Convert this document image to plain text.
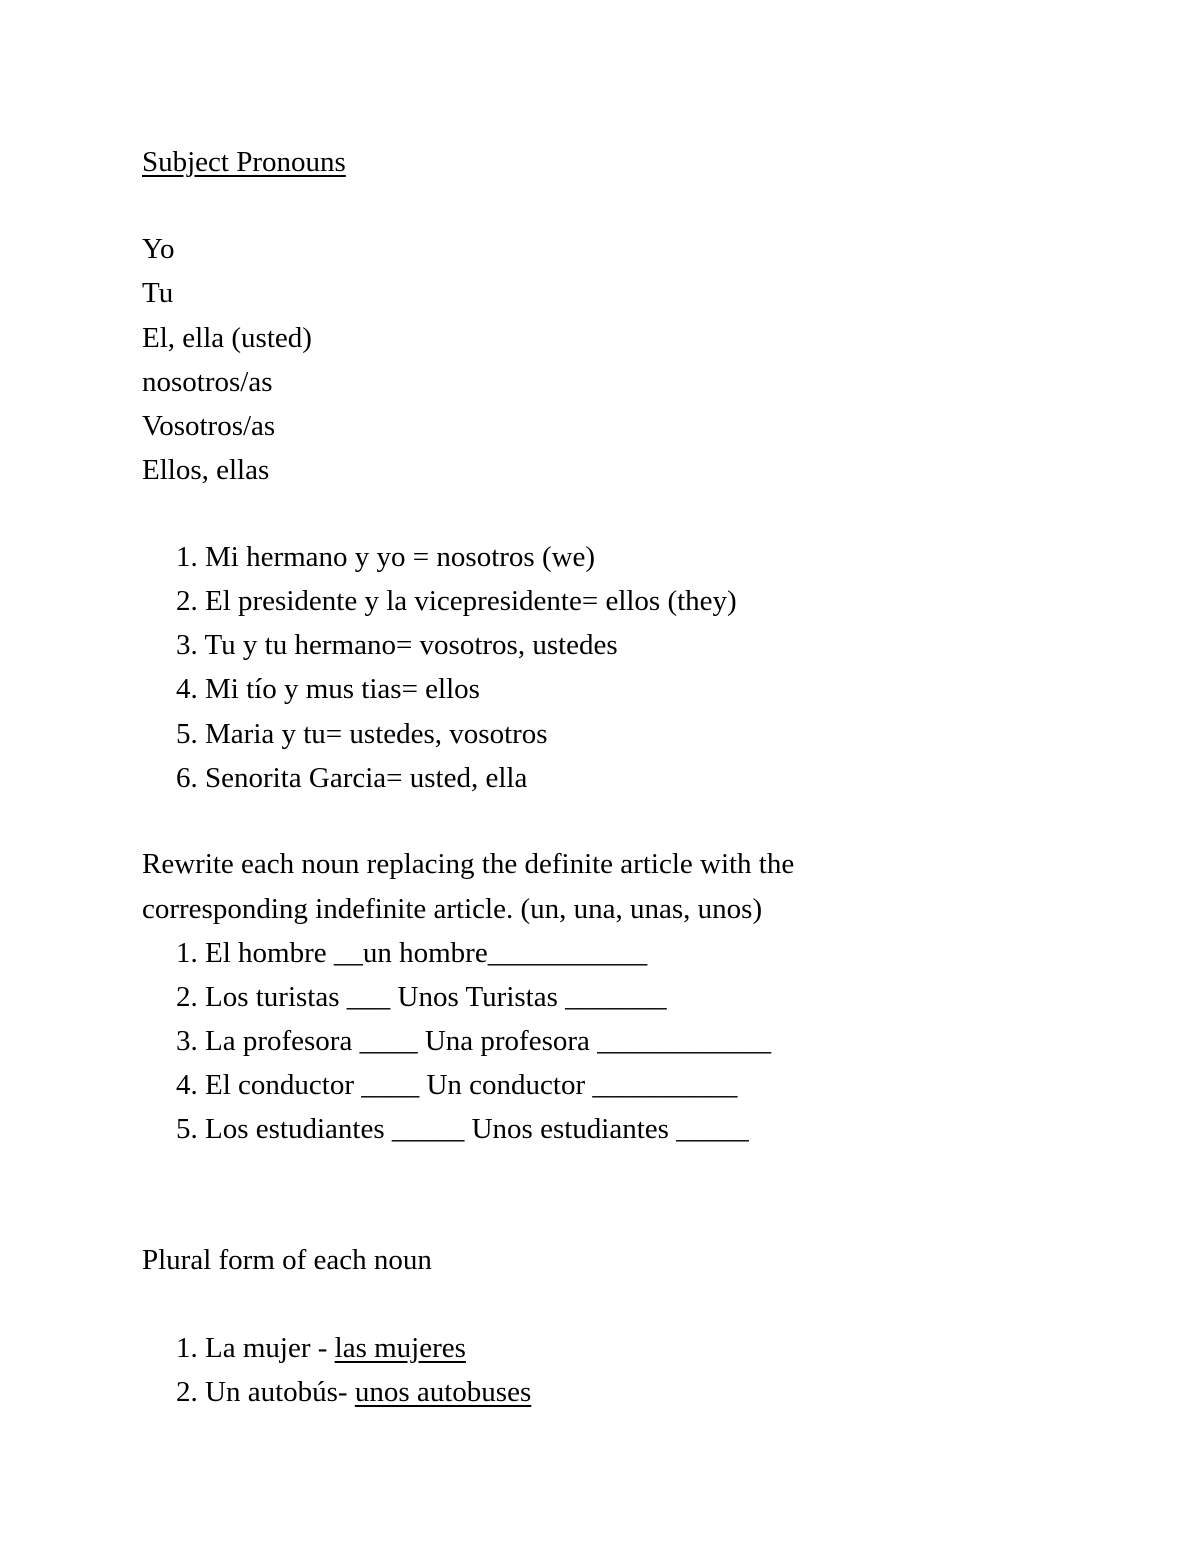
Subject Pronouns
Yo
Tu
El, ella (usted)
nosotros/as
Vosotros/as
Ellos, ellas
1. Mi hermano y yo = nosotros (we)
2. El presidente y la vicepresidente= ellos (they)
3. Tu y tu hermano= vosotros, ustedes
4. Mi tío y mus tias= ellos
5. Maria y tu= ustedes, vosotros
6. Senorita Garcia= usted, ella
Rewrite each noun replacing the definite article with the
corresponding indefinite article. (un, una, unas, unos)
1. El hombre __un hombre___________
2. Los turistas ___ Unos Turistas _______
3. La profesora ____ Una profesora ____________
4. El conductor ____ Un conductor __________
5. Los estudiantes _____ Unos estudiantes _____
Plural form of each noun
1. La mujer - las mujeres
2. Un autobús- unos autobuses
